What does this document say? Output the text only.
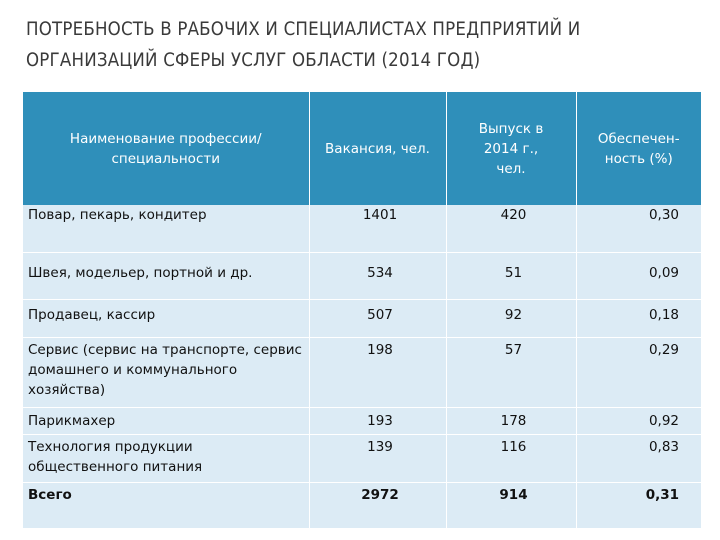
ПОТРЕБНОСТЬ В РАБОЧИХ И СПЕЦИАЛИСТАХ ПРЕДПРИЯТИЙ И
ОРГАНИЗАЦИЙ СФЕРЫ УСЛУГ ОБЛАСТИ (2014 ГОД)
Наименование профессии/специальности	Вакансия, чел.	Выпуск в 2014 г., чел.	Обеспечен-ность (%)
Повар, пекарь, кондитер	1401	420	0,30
Швея, модельер, портной и др.	534	51	0,09
Продавец, кассир	507	92	0,18
Сервис (сервис на транспорте, сервис домашнего и коммунального хозяйства)	198	57	0,29
Парикмахер	193	178	0,92
Технология продукции общественного питания	139	116	0,83
Всего	2972	914	0,31
